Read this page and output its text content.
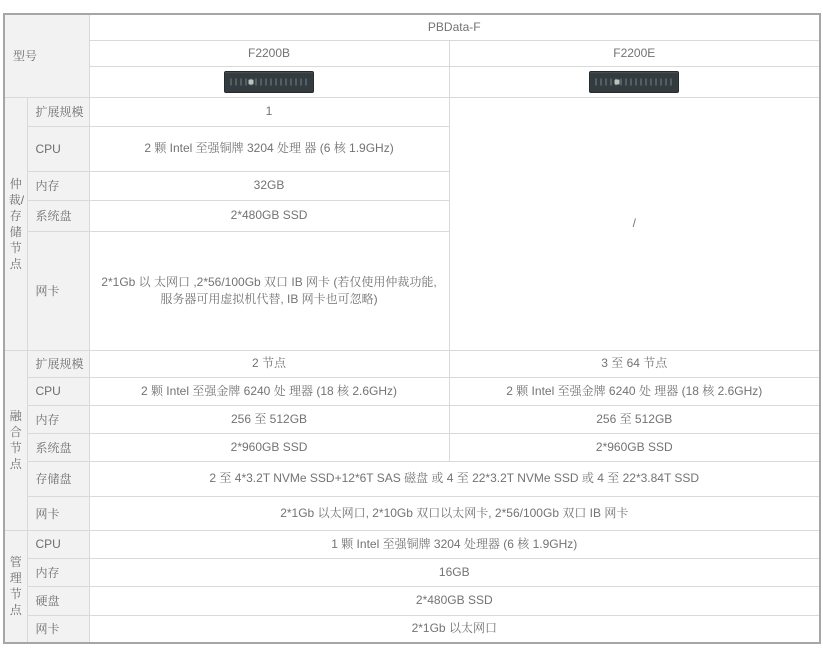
型号		PBData-F	
		F2200B	F2200E

仲裁/存储节点	扩展规模	1	/
	CPU	2 颗 Intel 至强铜牌 3204 处理 器 (6 核 1.9GHz)	
	内存	32GB	
	系统盘	2*480GB SSD	
	网卡	2*1Gb 以 太网口 ,2*56/100Gb 双口 IB 网卡 (若仅使用仲裁功能, 服务器可用虚拟机代替, IB 网卡也可忽略)	
融合节点	扩展规模	2 节点	3 至 64 节点
	CPU	2 颗 Intel 至强金牌 6240 处 理器 (18 核 2.6GHz)	2 颗 Intel 至强金牌 6240 处 理器 (18 核 2.6GHz)
	内存	256 至 512GB	256 至 512GB
	系统盘	2*960GB SSD	2*960GB SSD
	存储盘	2 至 4*3.2T NVMe SSD+12*6T SAS 磁盘 或 4 至 22*3.2T NVMe SSD 或 4 至 22*3.84T SSD	
	网卡	2*1Gb 以太网口, 2*10Gb 双口以太网卡, 2*56/100Gb 双口 IB 网卡	
管理节点	CPU	1 颗 Intel 至强铜牌 3204 处理器 (6 核 1.9GHz)	
	内存	16GB	
	硬盘	2*480GB SSD	
	网卡	2*1Gb 以太网口	
